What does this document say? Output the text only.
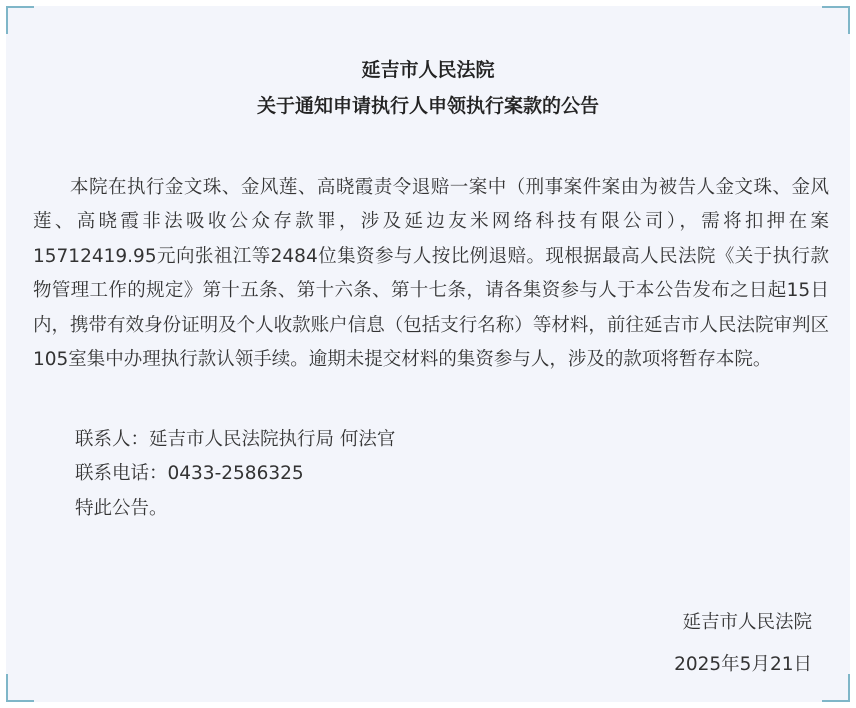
延吉市人民法院
关于通知申请执行人申领执行案款的公告

本院在执行金文珠、金风莲、高晓霞责令退赔一案中（刑事案件案由为被告人金文珠、金风莲、高晓霞非法吸收公众存款罪，涉及延边友米网络科技有限公司），需将扣押在案15712419.95元向张祖江等2484位集资参与人按比例退赔。现根据最高人民法院《关于执行款物管理工作的规定》第十五条、第十六条、第十七条，请各集资参与人于本公告发布之日起15日内，携带有效身份证明及个人收款账户信息（包括支行名称）等材料，前往延吉市人民法院审判区105室集中办理执行款认领手续。逾期未提交材料的集资参与人，涉及的款项将暂存本院。

联系人：延吉市人民法院执行局 何法官
联系电话：0433-2586325
特此公告。
延吉市人民法院
2025年5月21日
